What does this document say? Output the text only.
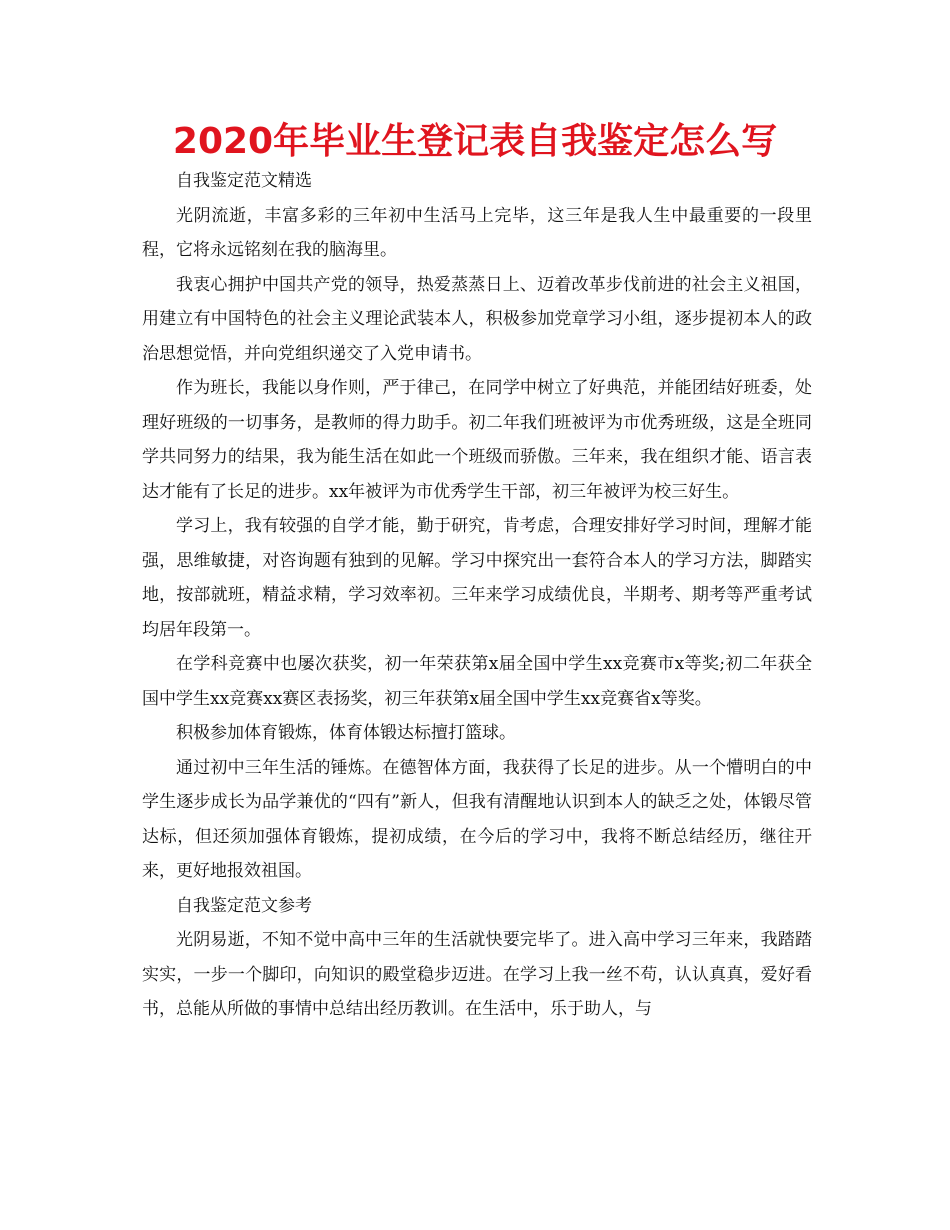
2020年毕业生登记表自我鉴定怎么写

自我鉴定范文精选

光阴流逝，丰富多彩的三年初中生活马上完毕，这三年是我人生中最重要的一段里程，它将永远铭刻在我的脑海里。

我衷心拥护中国共产党的领导，热爱蒸蒸日上、迈着改革步伐前进的社会主义祖国，用建立有中国特色的社会主义理论武装本人，积极参加党章学习小组，逐步提初本人的政治思想觉悟，并向党组织递交了入党申请书。

作为班长，我能以身作则，严于律己，在同学中树立了好典范，并能团结好班委，处理好班级的一切事务，是教师的得力助手。初二年我们班被评为市优秀班级，这是全班同学共同努力的结果，我为能生活在如此一个班级而骄傲。三年来，我在组织才能、语言表达才能有了长足的进步。xx年被评为市优秀学生干部，初三年被评为校三好生。

学习上，我有较强的自学才能，勤于研究，肯考虑，合理安排好学习时间，理解才能强，思维敏捷，对咨询题有独到的见解。学习中探究出一套符合本人的学习方法，脚踏实地，按部就班，精益求精，学习效率初。三年来学习成绩优良，半期考、期考等严重考试均居年段第一。

在学科竞赛中也屡次获奖，初一年荣获第x届全国中学生xx竞赛市x等奖;初二年获全国中学生xx竞赛xx赛区表扬奖，初三年获第x届全国中学生xx竞赛省x等奖。

积极参加体育锻炼，体育体锻达标擅打篮球。

通过初中三年生活的锤炼。在德智体方面，我获得了长足的进步。从一个懵明白的中学生逐步成长为品学兼优的“四有”新人，但我有清醒地认识到本人的缺乏之处，体锻尽管达标，但还须加强体育锻炼，提初成绩，在今后的学习中，我将不断总结经历，继往开来，更好地报效祖国。

自我鉴定范文参考

光阴易逝，不知不觉中高中三年的生活就快要完毕了。进入高中学习三年来，我踏踏实实，一步一个脚印，向知识的殿堂稳步迈进。在学习上我一丝不苟，认认真真，爱好看书，总能从所做的事情中总结出经历教训。在生活中，乐于助人，与
